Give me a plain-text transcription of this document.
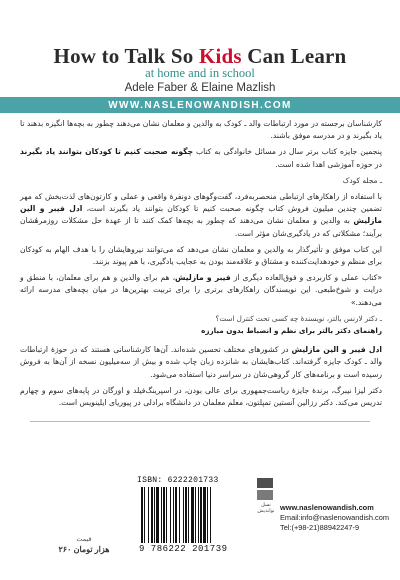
How to Talk So Kids Can Learn
at home and in school
Adele Faber & Elaine Mazlish
WWW.NASLENOWANDISH.COM

کارشناسان برجسته در مورد ارتباطات والد ـ کودک به والدین و معلمان نشان می‌دهند چطور به بچه‌ها انگیزه بدهند تا یاد بگیرند و در مدرسه موفق باشند.

پنجمین جایزه کتاب برتر سال در مسائل خانوادگی به کتاب چگونه صحبت کنیم تا کودکان بتوانند یاد بگیرند در حوزه آموزشی اهدا شده است.

ـ مجله کودک

با استفاده از راهکارهای ارتباطی منحصربه‌فرد، گفت‌وگوهای دونفرهٔ واقعی و عملی و کارتون‌های لذت‌بخش که مهر تضمین چندین میلیون فروش کتاب چگونه صحبت کنیم تا کودکان بتوانند یاد بگیرند است، ادل فیبر و الین مازلیش به والدین و معلمان نشان می‌دهند که چطور به بچه‌ها کمک کنند تا از عهدهٔ حل مشکلات روزمرهٔشان برآیند؛ مشکلاتی که در یادگیری‌شان مؤثر است.

این کتاب موفق و تأثیرگذار به والدین و معلمان نشان می‌دهد که می‌توانند نیروهایشان را با هدف الهام به کودکان برای منظم و خودهدایت‌کننده و مشتاق و علاقه‌مند بودن به عجایب یادگیری، با هم پیوند بزنند.

«کتاب عملی و کاربردی و فوق‌العاده دیگری از فیبر و مازلیش، هم برای والدین و هم برای معلمان، با منطق و درایت و شوخ‌طبعی. این نویسندگان راهکارهای برتری را برای تربیت بهترین‌ها در میان بچه‌های مدرسه ارائه می‌دهند.»

ـ دکتر لارنس بالتر، نویسندهٔ چه کسی تحت کنترل است؟
راهنمای دکتر بالتر برای نظم و انضباط بدون مبارزه

ادل فیبر و الین مازلیش در کشورهای مختلف تحسین شده‌اند. آن‌ها کارشناسانی هستند که در حوزهٔ ارتباطات والد ـ کودک جایزه گرفته‌اند. کتاب‌هایشان به شانزده زبان چاپ شده و بیش از سه‌میلیون نسخه از آن‌ها به فروش رسیده است و برنامه‌های کار گروهی‌شان در سراسر دنیا استفاده می‌شود.

دکتر لیزا نیبرگ، برندهٔ جایزهٔ ریاست‌جمهوری برای عالی بودن، در اسپرینگ‌فیلد و اورگان در پایه‌های سوم و چهارم تدریس می‌کند. دکتر رزالین آنستین تمپلتون، معلم معلمان در دانشگاه برادلی در پیوریای ایلینویس است.

ISBN: 6222201733
9 786222 201739
نسل نواندیش www.naslenowandish.com
Email:info@naslenowandish.com
Tel:(+98-21)88942247-9
قیمت
۲۶۰ هزار تومان
